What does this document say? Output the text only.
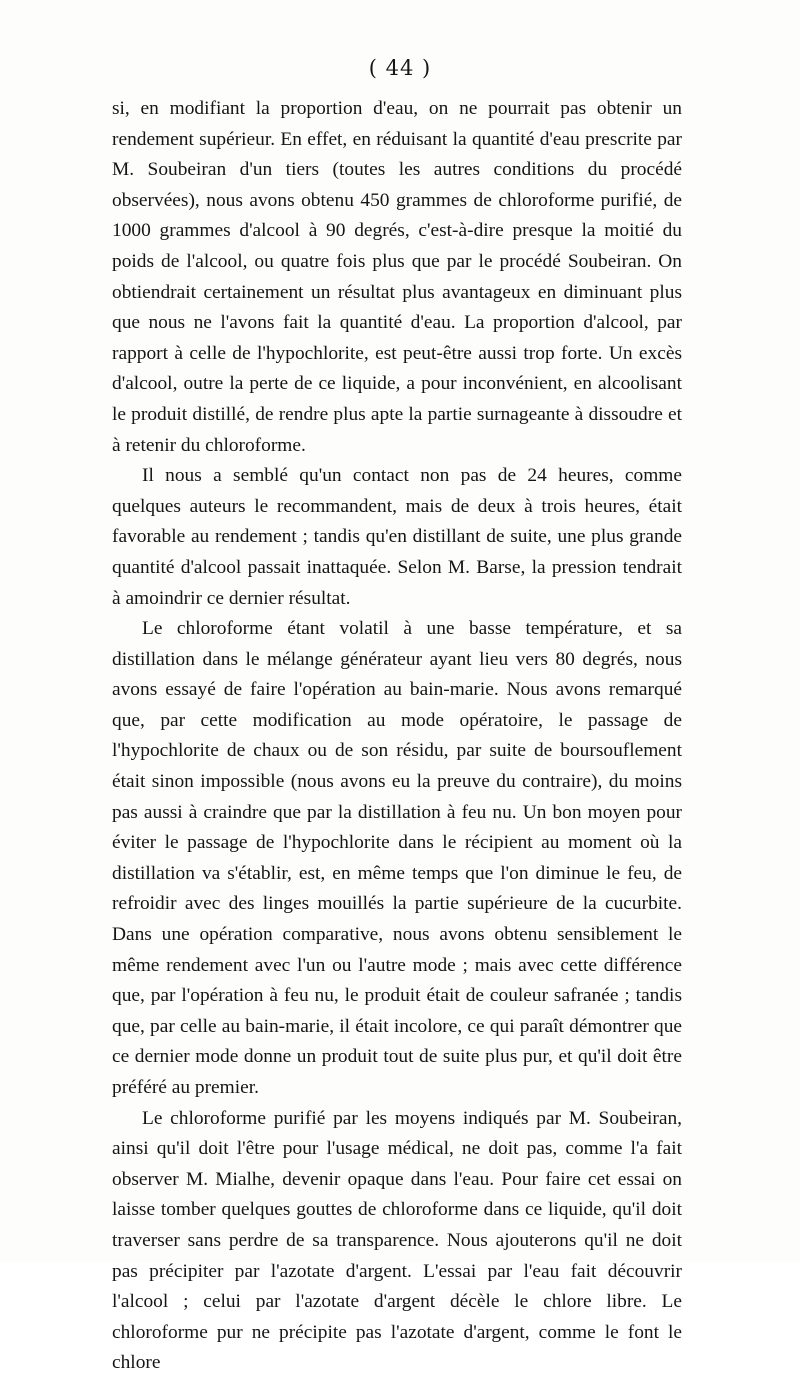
( 44 )

si, en modifiant la proportion d'eau, on ne pourrait pas obtenir un rendement supérieur. En effet, en réduisant la quantité d'eau prescrite par M. Soubeiran d'un tiers (toutes les autres conditions du procédé observées), nous avons obtenu 450 grammes de chloroforme purifié, de 1000 grammes d'alcool à 90 degrés, c'est-à-dire presque la moitié du poids de l'alcool, ou quatre fois plus que par le procédé Soubeiran. On obtiendrait certainement un résultat plus avantageux en diminuant plus que nous ne l'avons fait la quantité d'eau. La proportion d'alcool, par rapport à celle de l'hypochlorite, est peut-être aussi trop forte. Un excès d'alcool, outre la perte de ce liquide, a pour inconvénient, en alcoolisant le produit distillé, de rendre plus apte la partie surnageante à dissoudre et à retenir du chloroforme.

Il nous a semblé qu'un contact non pas de 24 heures, comme quelques auteurs le recommandent, mais de deux à trois heures, était favorable au rendement ; tandis qu'en distillant de suite, une plus grande quantité d'alcool passait inattaquée. Selon M. Barse, la pression tendrait à amoindrir ce dernier résultat.

Le chloroforme étant volatil à une basse température, et sa distillation dans le mélange générateur ayant lieu vers 80 degrés, nous avons essayé de faire l'opération au bain-marie. Nous avons remarqué que, par cette modification au mode opératoire, le passage de l'hypochlorite de chaux ou de son résidu, par suite de boursouflement était sinon impossible (nous avons eu la preuve du contraire), du moins pas aussi à craindre que par la distillation à feu nu. Un bon moyen pour éviter le passage de l'hypochlorite dans le récipient au moment où la distillation va s'établir, est, en même temps que l'on diminue le feu, de refroidir avec des linges mouillés la partie supérieure de la cucurbite. Dans une opération comparative, nous avons obtenu sensiblement le même rendement avec l'un ou l'autre mode ; mais avec cette différence que, par l'opération à feu nu, le produit était de couleur safranée ; tandis que, par celle au bain-marie, il était incolore, ce qui paraît démontrer que ce dernier mode donne un produit tout de suite plus pur, et qu'il doit être préféré au premier.

Le chloroforme purifié par les moyens indiqués par M. Soubeiran, ainsi qu'il doit l'être pour l'usage médical, ne doit pas, comme l'a fait observer M. Mialhe, devenir opaque dans l'eau. Pour faire cet essai on laisse tomber quelques gouttes de chloroforme dans ce liquide, qu'il doit traverser sans perdre de sa transparence. Nous ajouterons qu'il ne doit pas précipiter par l'azotate d'argent. L'essai par l'eau fait découvrir l'alcool ; celui par l'azotate d'argent décèle le chlore libre. Le chloroforme pur ne précipite pas l'azotate d'argent, comme le font le chlore
